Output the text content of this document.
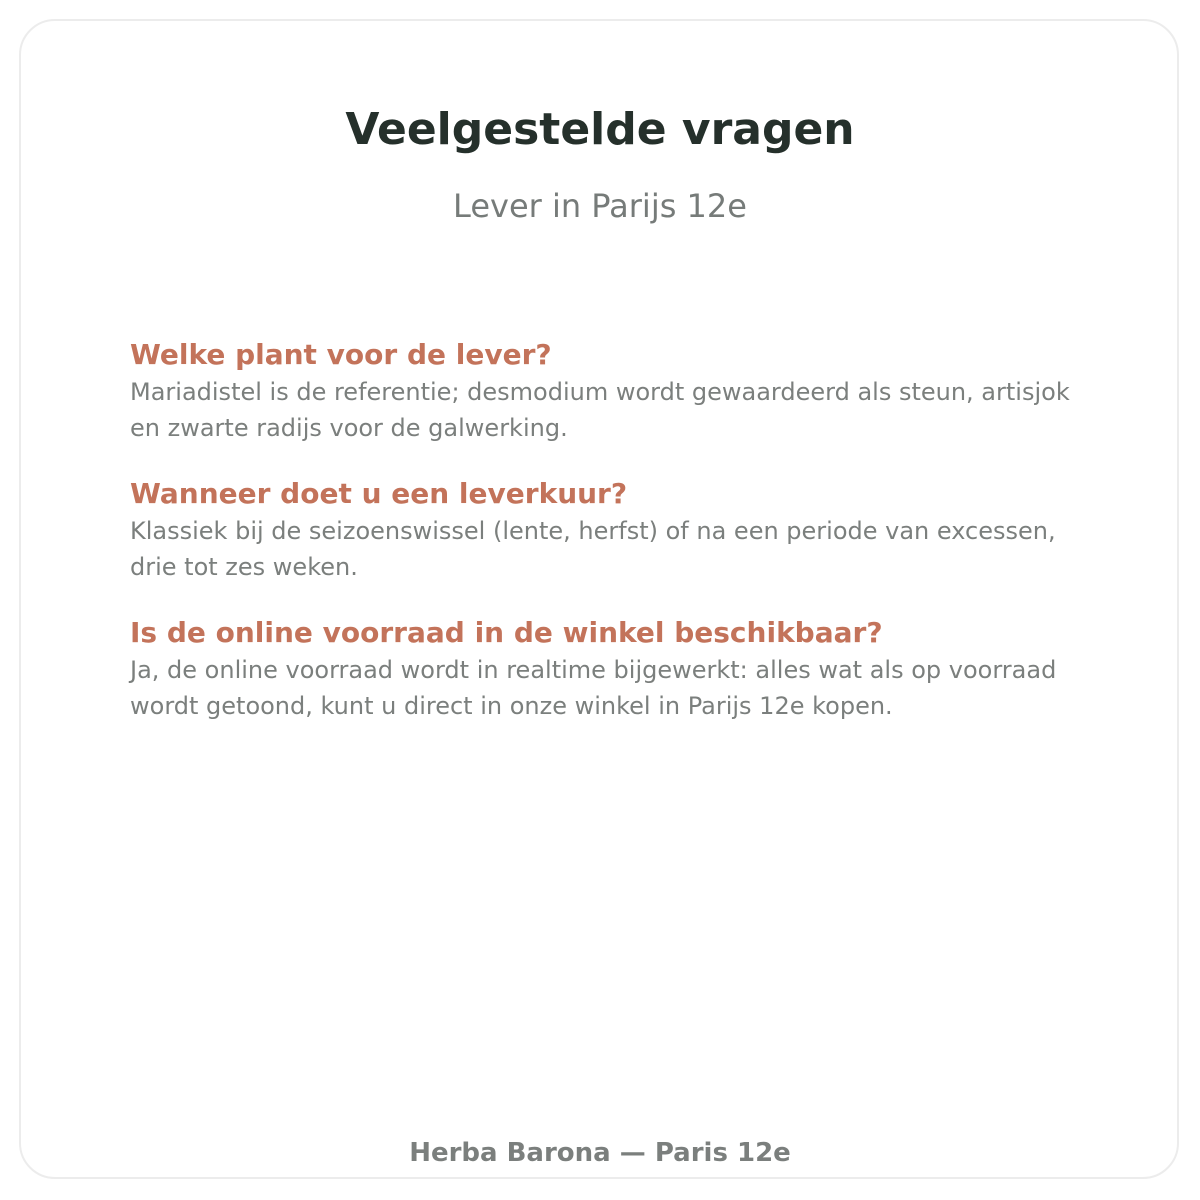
Veelgestelde vragen

Lever in Parijs 12e

Welke plant voor de lever?

Mariadistel is de referentie; desmodium wordt gewaardeerd als steun, artisjok en zwarte radijs voor de galwerking.

Wanneer doet u een leverkuur?

Klassiek bij de seizoenswissel (lente, herfst) of na een periode van excessen, drie tot zes weken.

Is de online voorraad in de winkel beschikbaar?

Ja, de online voorraad wordt in realtime bijgewerkt: alles wat als op voorraad wordt getoond, kunt u direct in onze winkel in Parijs 12e kopen.

Herba Barona — Paris 12e
